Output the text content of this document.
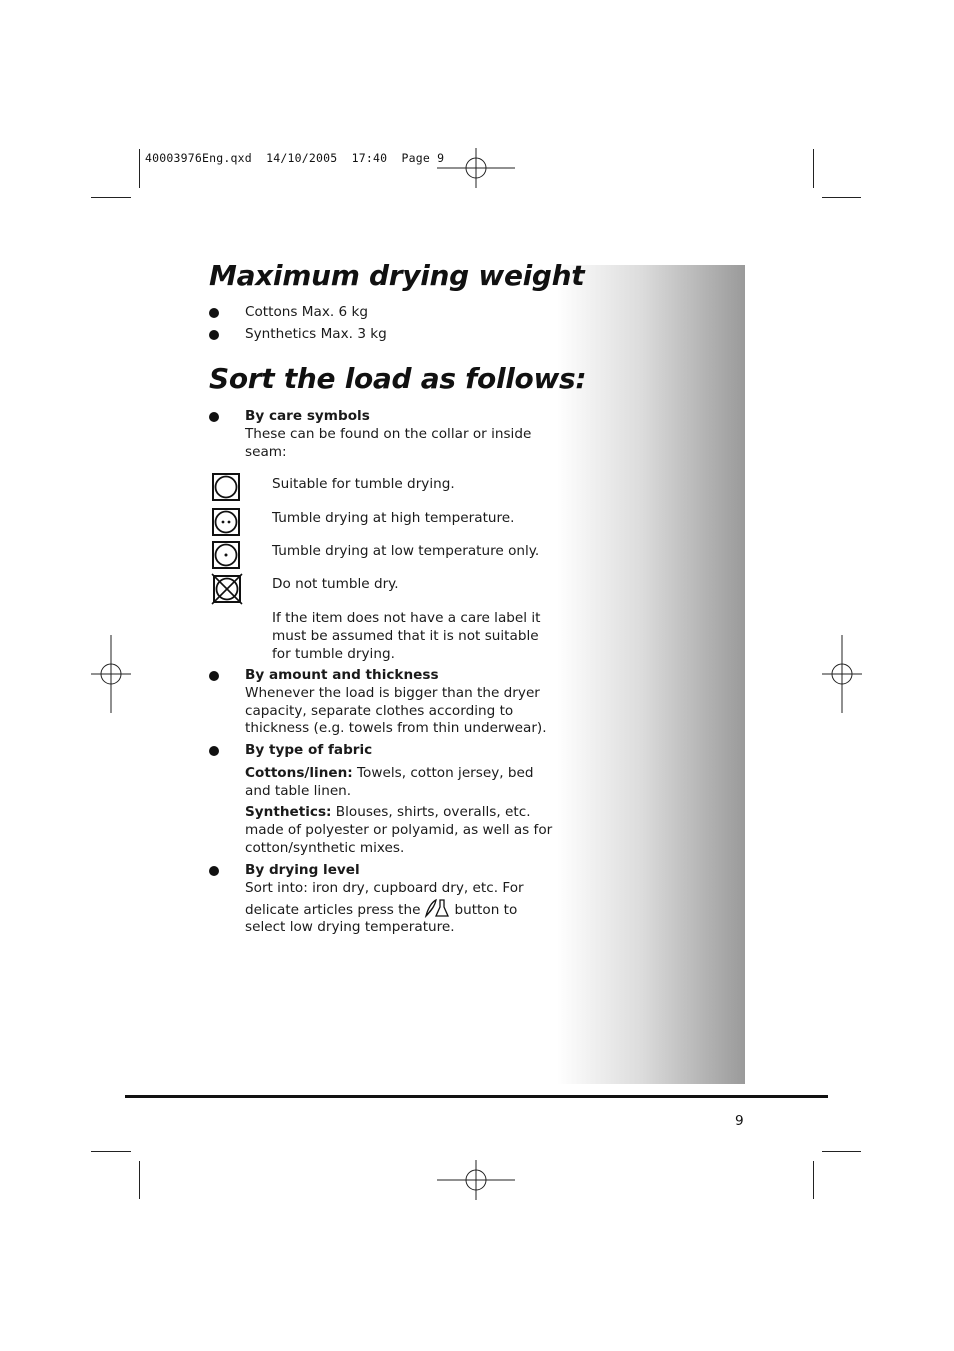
40003976Eng.qxd  14/10/2005  17:40  Page 9
Maximum drying weight
Cottons Max. 6 kg
Synthetics Max. 3 kg
Sort the load as follows:
By care symbols
These can be found on the collar or inside seam:
Suitable for tumble drying.
Tumble drying at high temperature.
Tumble drying at low temperature only.
Do not tumble dry.
If the item does not have a care label it must be assumed that it is not suitable for tumble drying.
By amount and thickness
Whenever the load is bigger than the dryer capacity, separate clothes according to thickness (e.g. towels from thin underwear).
By type of fabric
Cottons/linen: Towels, cotton jersey, bed and table linen.
Synthetics: Blouses, shirts, overalls, etc. made of polyester or polyamid, as well as for cotton/synthetic mixes.
By drying level
Sort into: iron dry, cupboard dry, etc. For delicate articles press the	button to select low drying temperature.
9
